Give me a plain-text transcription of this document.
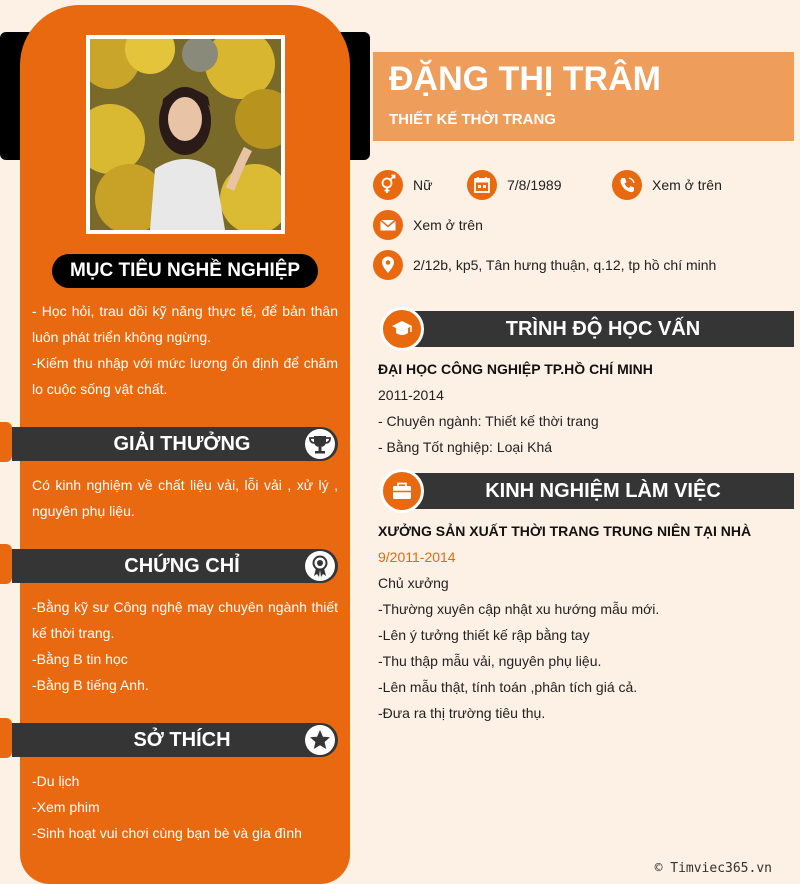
MỤC TIÊU NGHỀ NGHIỆP

- Học hỏi, trau dồi kỹ năng thực tế, để bản thân luôn phát triển không ngừng.

-Kiếm thu nhập với mức lương ổn định để chăm lo cuộc sống vật chất.

GIẢI THƯỞNG

Có kinh nghiệm về chất liệu vải, lỗi vải , xử lý , nguyên phụ liệu.

CHỨNG CHỈ

-Bằng kỹ sư Công nghệ may chuyên ngành thiết kế thời trang.

-Bằng B tin học

-Bằng B tiếng Anh.

SỞ THÍCH

-Du lịch

-Xem phim

-Sinh hoạt vui chơi cùng bạn bè và gia đình

ĐẶNG THỊ TRÂM
THIẾT KẾ THỜI TRANG
Nữ	7/8/1989	Xem ở trên
Xem ở trên
2/12b, kp5, Tân hưng thuận, q.12, tp hồ chí minh
TRÌNH ĐỘ HỌC VẤN

ĐẠI HỌC CÔNG NGHIỆP TP.HỒ CHÍ MINH

2011-2014

- Chuyên ngành: Thiết kế thời trang

- Bằng Tốt nghiệp: Loại Khá

KINH NGHIỆM LÀM VIỆC

XƯỞNG SẢN XUẤT THỜI TRANG TRUNG NIÊN TẠI NHÀ

9/2011-2014

Chủ xưởng

-Thường xuyên cập nhật xu hướng mẫu mới.

-Lên ý tưởng thiết kế rập bằng tay

-Thu thập mẫu vải, nguyên phụ liệu.

-Lên mẫu thật, tính toán ,phân tích giá cả.

-Đưa ra thị trường tiêu thụ.

© Timviec365.vn
